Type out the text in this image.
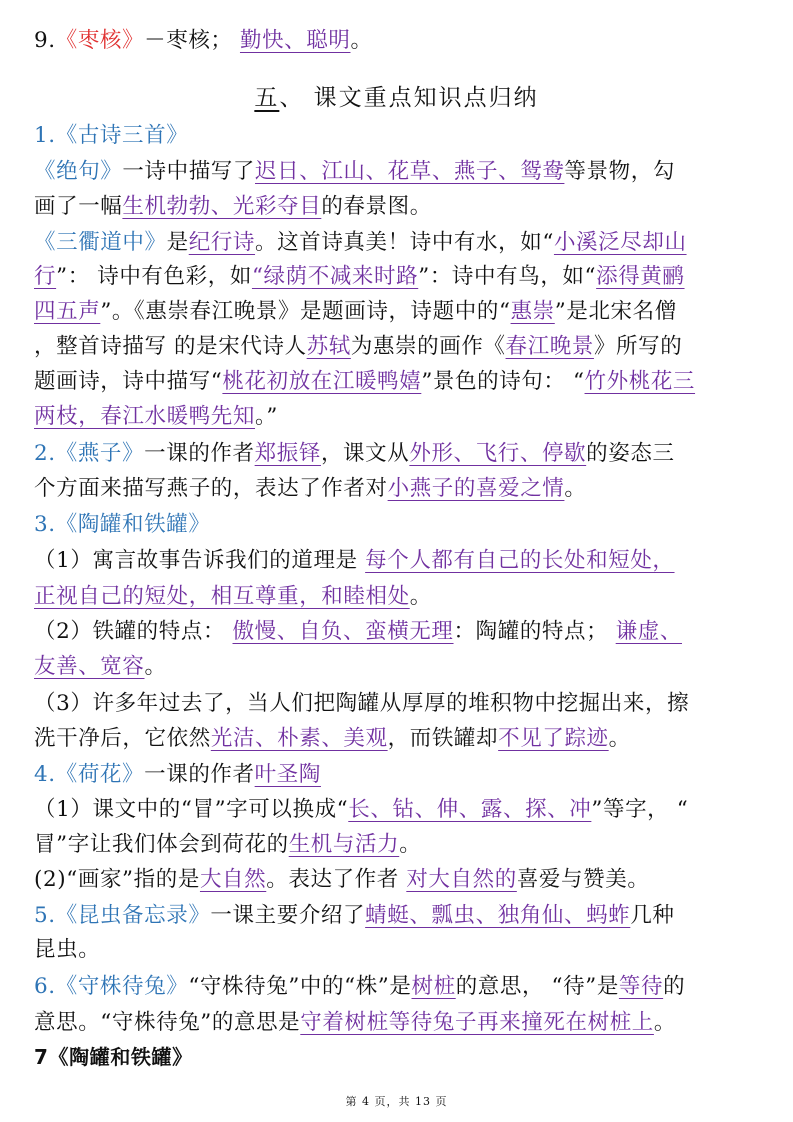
9.《枣核》－枣核； 勤快、聪明。
五、 课文重点知识点归纳
1.《古诗三首》
《绝句》一诗中描写了迟日、江山、花草、燕子、鸳鸯等景物，勾
画了一幅生机勃勃、光彩夺目的春景图。
《三衢道中》是纪行诗。这首诗真美！诗中有水，如“小溪泛尽却山
行”： 诗中有色彩，如“绿荫不减来时路”：诗中有鸟，如“添得黄鹂
四五声”。《惠崇春江晚景》是题画诗，诗题中的“惠崇”是北宋名僧
，整首诗描写 的是宋代诗人苏轼为惠崇的画作《春江晚景》所写的
题画诗，诗中描写“桃花初放在江暖鸭嬉”景色的诗句： “竹外桃花三
两枝，春江水暖鸭先知。”
2.《燕子》一课的作者郑振铎，课文从外形、飞行、停歇的姿态三
个方面来描写燕子的，表达了作者对小燕子的喜爱之情。
3.《陶罐和铁罐》
（1）寓言故事告诉我们的道理是 每个人都有自己的长处和短处，
正视自己的短处，相互尊重，和睦相处。
（2）铁罐的特点： 傲慢、自负、蛮横无理：陶罐的特点； 谦虚、
友善、宽容。
（3）许多年过去了，当人们把陶罐从厚厚的堆积物中挖掘出来，擦
洗干净后，它依然光洁、朴素、美观，而铁罐却不见了踪迹。
4.《荷花》一课的作者叶圣陶
（1）课文中的“冒”字可以换成“长、钻、伸、露、探、冲”等字， “
冒”字让我们体会到荷花的生机与活力。
(2)“画家”指的是大自然。表达了作者 对大自然的喜爱与赞美。
5.《昆虫备忘录》一课主要介绍了蜻蜓、瓢虫、独角仙、蚂蚱几种
昆虫。
6.《守株待兔》“守株待兔”中的“株”是树桩的意思， “待”是等待的
意思。“守株待兔”的意思是守着树桩等待兔子再来撞死在树桩上。
7《陶罐和铁罐》
第 4 页，共 13 页
